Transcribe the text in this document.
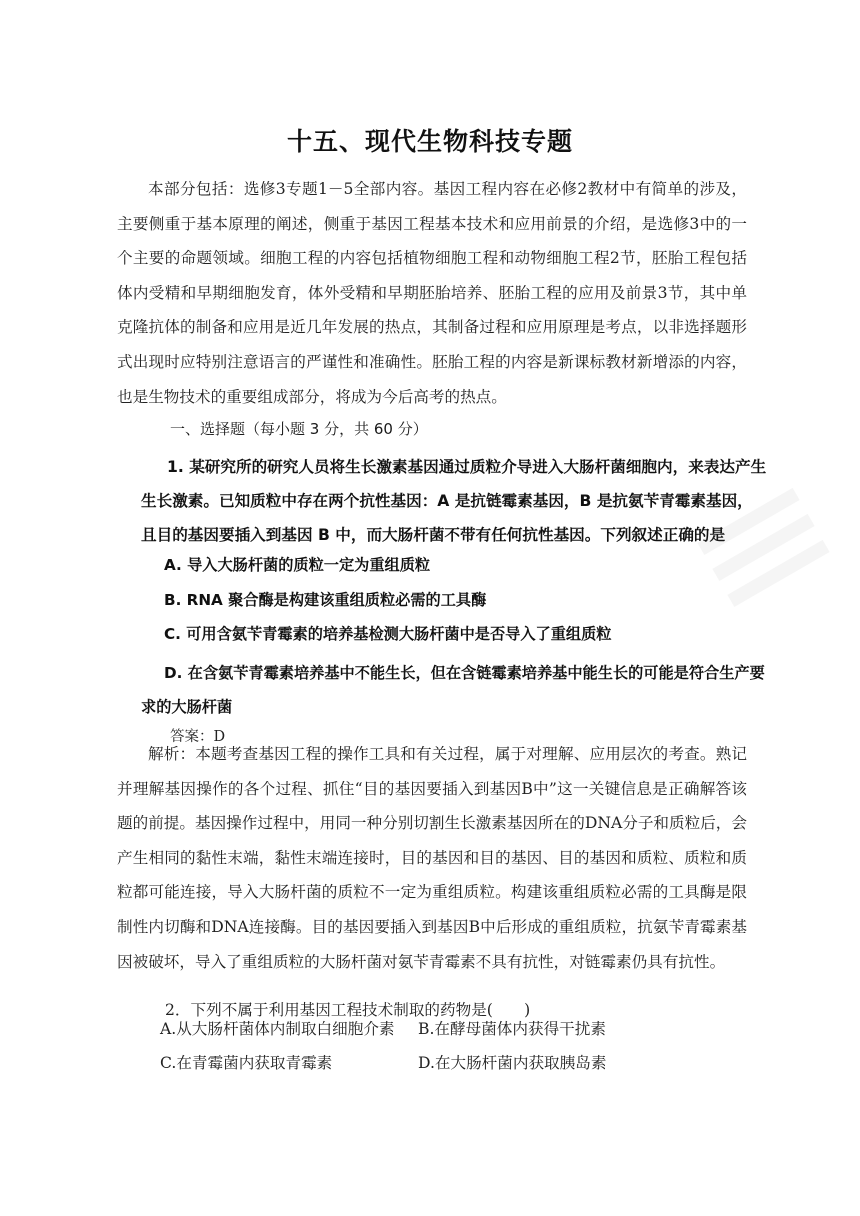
十五、现代生物科技专题

本部分包括：选修3专题1－5全部内容。基因工程内容在必修2教材中有简单的涉及，主要侧重于基本原理的阐述，侧重于基因工程基本技术和应用前景的介绍，是选修3中的一个主要的命题领域。细胞工程的内容包括植物细胞工程和动物细胞工程2节，胚胎工程包括体内受精和早期细胞发育，体外受精和早期胚胎培养、胚胎工程的应用及前景3节，其中单克隆抗体的制备和应用是近几年发展的热点，其制备过程和应用原理是考点，以非选择题形式出现时应特别注意语言的严谨性和准确性。胚胎工程的内容是新课标教材新增添的内容，也是生物技术的重要组成部分，将成为今后高考的热点。

一、选择题（每小题 3 分，共 60 分）

1. 某研究所的研究人员将生长激素基因通过质粒介导进入大肠杆菌细胞内，来表达产生生长激素。已知质粒中存在两个抗性基因：A 是抗链霉素基因，B 是抗氨苄青霉素基因，且目的基因要插入到基因 B 中，而大肠杆菌不带有任何抗性基因。下列叙述正确的是

A. 导入大肠杆菌的质粒一定为重组质粒

B. RNA 聚合酶是构建该重组质粒必需的工具酶

C. 可用含氨苄青霉素的培养基检测大肠杆菌中是否导入了重组质粒

D. 在含氨苄青霉素培养基中不能生长，但在含链霉素培养基中能生长的可能是符合生产要求的大肠杆菌

答案：D

解析：本题考查基因工程的操作工具和有关过程，属于对理解、应用层次的考查。熟记并理解基因操作的各个过程、抓住“目的基因要插入到基因B中”这一关键信息是正确解答该题的前提。基因操作过程中，用同一种分别切割生长激素基因所在的DNA分子和质粒后，会产生相同的黏性末端，黏性末端连接时，目的基因和目的基因、目的基因和质粒、质粒和质粒都可能连接，导入大肠杆菌的质粒不一定为重组质粒。构建该重组质粒必需的工具酶是限制性内切酶和DNA连接酶。目的基因要插入到基因B中后形成的重组质粒，抗氨苄青霉素基因被破坏，导入了重组质粒的大肠杆菌对氨苄青霉素不具有抗性，对链霉素仍具有抗性。

2．下列不属于利用基因工程技术制取的药物是(　　)

A.从大肠杆菌体内制取白细胞介素 B.在酵母菌体内获得干扰素
C.在青霉菌内获取青霉素	D.在大肠杆菌内获取胰岛素
